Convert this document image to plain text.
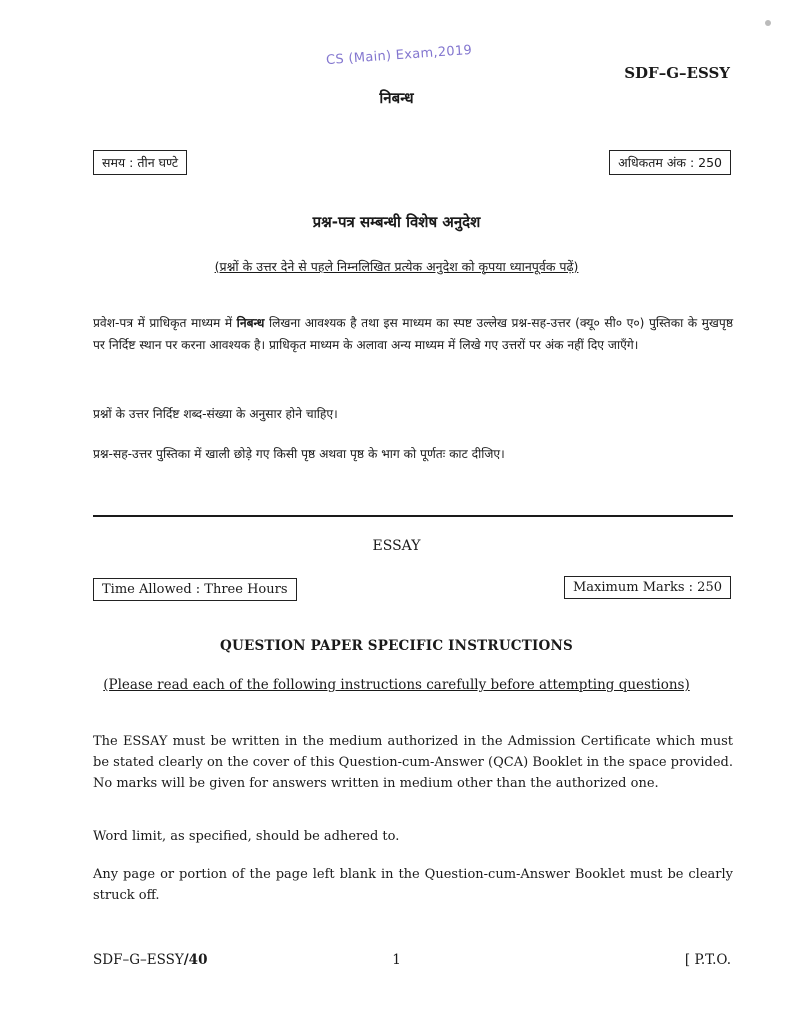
CS (Main) Exam,2019
SDF–G–ESSY
निबन्ध
समय : तीन घण्टे	अधिकतम अंक : 250
प्रश्न-पत्र सम्बन्धी विशेष अनुदेश
(प्रश्नों के उत्तर देने से पहले निम्नलिखित प्रत्येक अनुदेश को कृपया ध्यानपूर्वक पढ़ें)
प्रवेश-पत्र में प्राधिकृत माध्यम में निबन्ध लिखना आवश्यक है तथा इस माध्यम का स्पष्ट उल्लेख प्रश्न-सह-उत्तर (क्यू० सी० ए०) पुस्तिका के मुखपृष्ठ पर निर्दिष्ट स्थान पर करना आवश्यक है। प्राधिकृत माध्यम के अलावा अन्य माध्यम में लिखे गए उत्तरों पर अंक नहीं दिए जाएँगे।
प्रश्नों के उत्तर निर्दिष्ट शब्द-संख्या के अनुसार होने चाहिए।
प्रश्न-सह-उत्तर पुस्तिका में खाली छोड़े गए किसी पृष्ठ अथवा पृष्ठ के भाग को पूर्णतः काट दीजिए।
ESSAY
Time Allowed : Three Hours	Maximum Marks : 250
QUESTION PAPER SPECIFIC INSTRUCTIONS
(Please read each of the following instructions carefully before attempting questions)
The ESSAY must be written in the medium authorized in the Admission Certificate which must be stated clearly on the cover of this Question-cum-Answer (QCA) Booklet in the space provided. No marks will be given for answers written in medium other than the authorized one.
Word limit, as specified, should be adhered to.
Any page or portion of the page left blank in the Question-cum-Answer Booklet must be clearly struck off.
SDF–G–ESSY/40	1	[ P.T.O.
